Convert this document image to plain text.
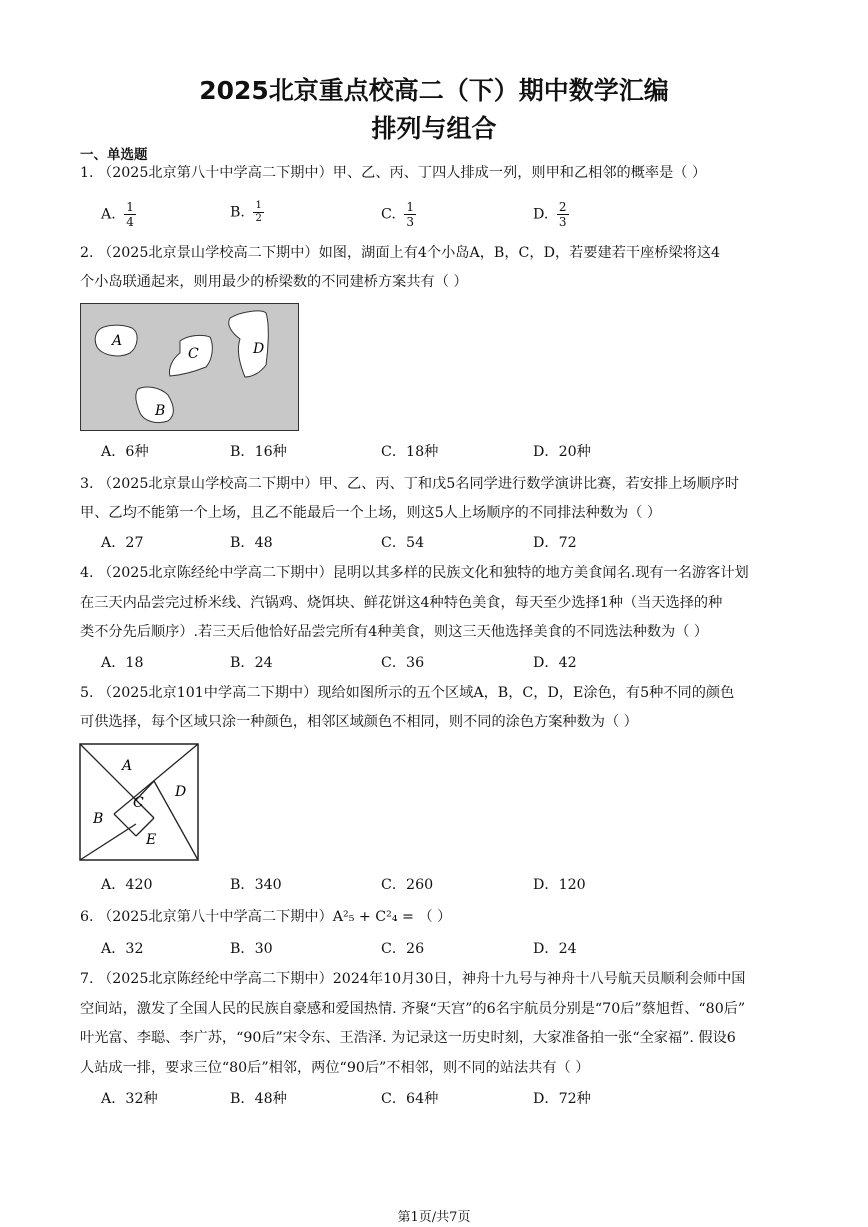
2025北京重点校高二（下）期中数学汇编
排列与组合
一、单选题
1. （2025北京第八十中学高二下期中）甲、乙、丙、丁四人排成一列，则甲和乙相邻的概率是（ ）
A. $\frac{1}{4}$	B. $\frac{1}{2}$	C. $\frac{1}{3}$	D. $\frac{2}{3}$
2. （2025北京景山学校高二下期中）如图，湖面上有4个小岛A，B，C，D，若要建若干座桥梁将这4
个小岛联通起来，则用最少的桥梁数的不同建桥方案共有（ ）
A
B
C	D
A．6种	B．16种	C．18种	D．20种
3. （2025北京景山学校高二下期中）甲、乙、丙、丁和戊5名同学进行数学演讲比赛，若安排上场顺序时
甲、乙均不能第一个上场，且乙不能最后一个上场，则这5人上场顺序的不同排法种数为（ ）
A．27	B．48	C．54	D．72
4. （2025北京陈经纶中学高二下期中）昆明以其多样的民族文化和独特的地方美食闻名.现有一名游客计划
在三天内品尝完过桥米线、汽锅鸡、烧饵块、鲜花饼这4种特色美食，每天至少选择1种（当天选择的种
类不分先后顺序）.若三天后他恰好品尝完所有4种美食，则这三天他选择美食的不同选法种数为（ ）
A．18	B．24	C．36	D．42
5. （2025北京101中学高二下期中）现给如图所示的五个区域A，B，C，D，E涂色，有5种不同的颜色
可供选择，每个区域只涂一种颜色，相邻区域颜色不相同，则不同的涂色方案种数为（ ）
A
B
C
D
E
A．420	B．340	C．260	D．120
6. （2025北京第八十中学高二下期中）A²₅ + C²₄ = （ ）
A．32	B．30	C．26	D．24
7. （2025北京陈经纶中学高二下期中）2024年10月30日，神舟十九号与神舟十八号航天员顺利会师中国
空间站，激发了全国人民的民族自豪感和爱国热情. 齐聚“天宫”的6名宇航员分别是“70后”蔡旭哲、“80后”
叶光富、李聪、李广苏，“90后”宋令东、王浩泽. 为记录这一历史时刻，大家准备拍一张“全家福”. 假设6
人站成一排，要求三位“80后”相邻，两位“90后”不相邻，则不同的站法共有（ ）
A．32种	B．48种	C．64种	D．72种
第1页/共7页
